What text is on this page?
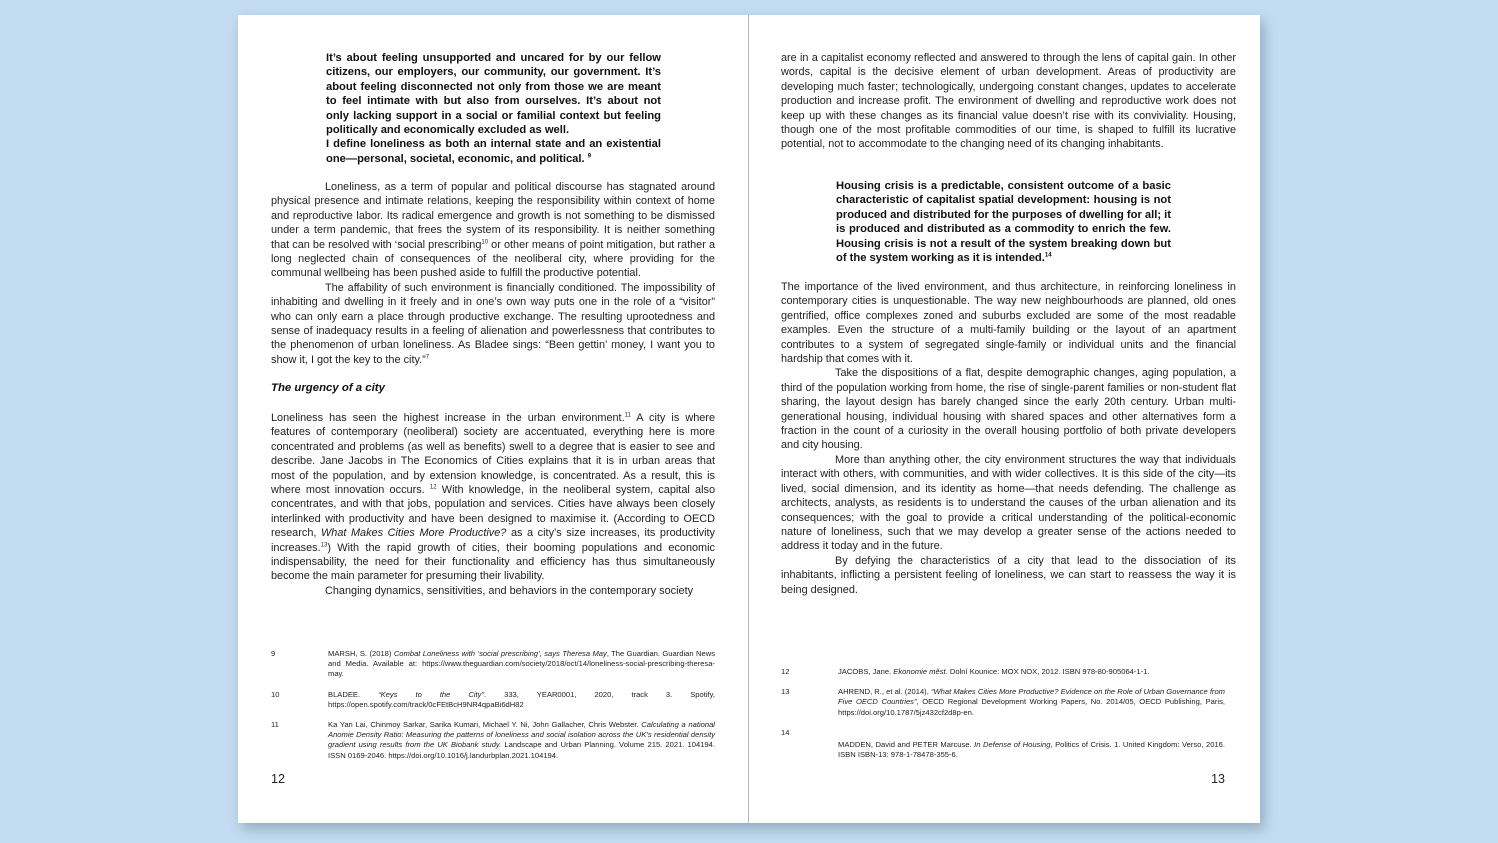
It’s about feeling unsupported and uncared for by our fellow citizens, our employers, our community, our government. It’s about feeling disconnected not only from those we are meant to feel intimate with but also from ourselves. It’s about not only lacking support in a social or familial context but feeling politically and economically excluded as well.

I define loneliness as both an internal state and an existential one—personal, societal, economic, and political. $^9$

Loneliness, as a term of popular and political discourse has stagnated around physical presence and intimate relations, keeping the responsibility within context of home and reproductive labor. Its radical emergence and growth is not something to be dismissed under a term pandemic, that frees the system of its responsibility. It is neither something that can be resolved with ‘social prescribing$^{10}$ or other means of point mitigation, but rather a long neglected chain of consequences of the neoliberal city, where providing for the communal wellbeing has been pushed aside to fulfill the productive potential.

The affability of such environment is financially conditioned. The impossibility of inhabiting and dwelling in it freely and in one’s own way puts one in the role of a “visitor” who can only earn a place through productive exchange. The resulting uprootedness and sense of inadequacy results in a feeling of alienation and powerlessness that contributes to the phenomenon of urban loneliness. As Bladee sings: “Been gettin’ money, I want you to show it, I got the key to the city.”$^7$

The urgency of a city

Loneliness has seen the highest increase in the urban environment.$^{11}$ A city is where features of contemporary (neoliberal) society are accentuated, everything here is more concentrated and problems (as well as benefits) swell to a degree that is easier to see and describe. Jane Jacobs in The Economics of Cities explains that it is in urban areas that most of the population, and by extension knowledge, is concentrated. As a result, this is where most innovation occurs. $^{12}$ With knowledge, in the neoliberal system, capital also concentrates, and with that jobs, population and services. Cities have always been closely interlinked with productivity and have been designed to maximise it. (According to OECD research, What Makes Cities More Productive? as a city’s size increases, its productivity increases.$^{13}$) With the rapid growth of cities, their booming populations and economic indispensability, the need for their functionality and efficiency has thus simultaneously become the main parameter for presuming their livability.

Changing dynamics, sensitivities, and behaviors in the contemporary society

9	MARSH, S. (2018) Combat Loneliness with ‘social prescribing’, says Theresa May, The Guardian. Guardian News and Media. Available at: https://www.theguardian.com/society/2018/oct/14/loneliness-social-prescribing-theresa-may.
10	BLADEE. “Keys to the City”. 333, YEAR0001, 2020, track 3. Spotify, https://open.spotify.com/track/0cFEtBcH9NR4qpaBi6dH82
11	Ka Yan Lai, Chinmoy Sarkar, Sarika Kumari, Michael Y. Ni, John Gallacher, Chris Webster. Calculating a national Anomie Density Ratio: Measuring the patterns of loneliness and social isolation across the UK’s residential density gradient using results from the UK Biobank study. Landscape and Urban Planning. Volume 215. 2021. 104194. ISSN 0169-2046. https://doi.org/10.1016/j.landurbplan.2021.104194.
12

are in a capitalist economy reflected and answered to through the lens of capital gain. In other words, capital is the decisive element of urban development. Areas of productivity are developing much faster; technologically, undergoing constant changes, updates to accelerate production and increase profit. The environment of dwelling and reproductive work does not keep up with these changes as its financial value doesn’t rise with its conviviality. Housing, though one of the most profitable commodities of our time, is shaped to fulfill its lucrative potential, not to accommodate to the changing need of its changing inhabitants.

Housing crisis is a predictable, consistent outcome of a basic characteristic of capitalist spatial development: housing is not produced and distributed for the purposes of dwelling for all; it is produced and distributed as a commodity to enrich the few. Housing crisis is not a result of the system breaking down but of the system working as it is intended.$^{14}$

The importance of the lived environment, and thus architecture, in reinforcing loneliness in contemporary cities is unquestionable. The way new neighbourhoods are planned, old ones gentrified, office complexes zoned and suburbs excluded are some of the most readable examples. Even the structure of a multi-family building or the layout of an apartment contributes to a system of segregated single-family or individual units and the financial hardship that comes with it.

Take the dispositions of a flat, despite demographic changes, aging population, a third of the population working from home, the rise of single-parent families or non-student flat sharing, the layout design has barely changed since the early 20th century. Urban multi-generational housing, individual housing with shared spaces and other alternatives form a fraction in the count of a curiosity in the overall housing portfolio of both private developers and city housing.

More than anything other, the city environment structures the way that individuals interact with others, with communities, and with wider collectives. It is this side of the city—its lived, social dimension, and its identity as home—that needs defending. The challenge as architects, analysts, as residents is to understand the causes of the urban alienation and its consequences; with the goal to provide a critical understanding of the political-economic nature of loneliness, such that we may develop a greater sense of the actions needed to address it today and in the future.

By defying the characteristics of a city that lead to the dissociation of its inhabitants, inflicting a persistent feeling of loneliness, we can start to reassess the way it is being designed.

12	JACOBS, Jane. Ekonomie měst. Dolní Kounice: MOX NOX, 2012. ISBN 978-80-905064-1-1.
13	AHREND, R., et al. (2014), “What Makes Cities More Productive? Evidence on the Role of Urban Governance from Five OECD Countries”, OECD Regional Development Working Papers, No. 2014/05, OECD Publishing, Paris, https://doi.org/10.1787/5jz432cf2d8p-en.
14
MADDEN, David and PETER Marcuse. In Defense of Housing, Politics of Crisis. 1. United Kingdom: Verso, 2016. ISBN ISBN-13: 978-1-78478-355-6.
13
